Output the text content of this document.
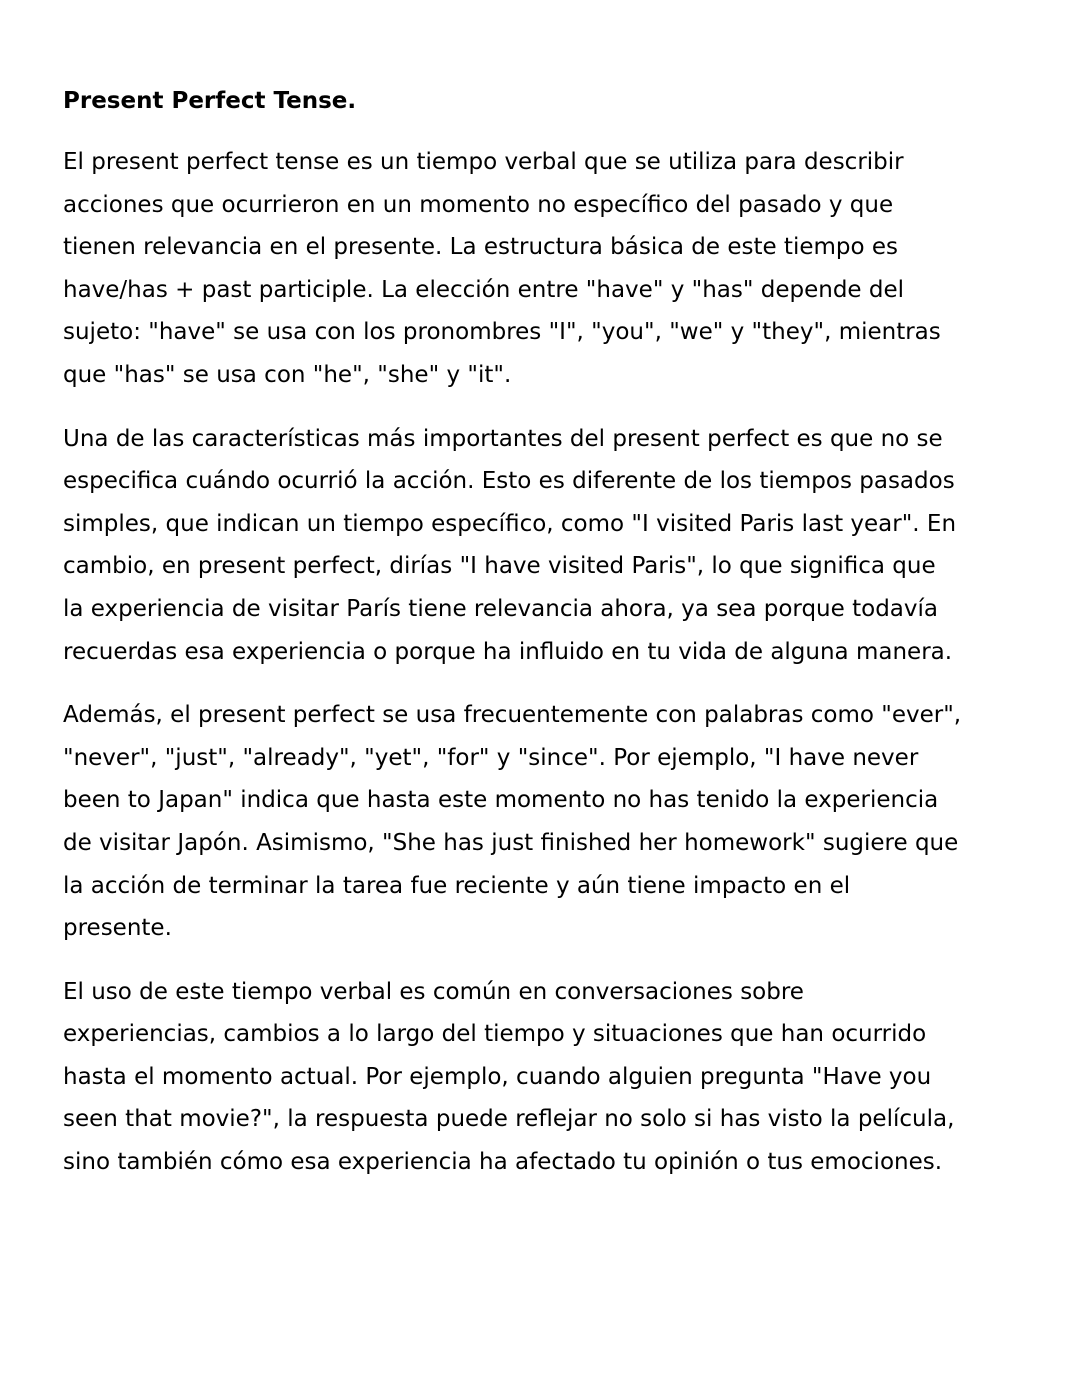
Present Perfect Tense.

El present perfect tense es un tiempo verbal que se utiliza para describir acciones que ocurrieron en un momento no específico del pasado y que tienen relevancia en el presente. La estructura básica de este tiempo es have/has + past participle. La elección entre "have" y "has" depende del sujeto: "have" se usa con los pronombres "I", "you", "we" y "they", mientras que "has" se usa con "he", "she" y "it".

Una de las características más importantes del present perfect es que no se especifica cuándo ocurrió la acción. Esto es diferente de los tiempos pasados simples, que indican un tiempo específico, como "I visited Paris last year". En cambio, en present perfect, dirías "I have visited Paris", lo que significa que la experiencia de visitar París tiene relevancia ahora, ya sea porque todavía recuerdas esa experiencia o porque ha influido en tu vida de alguna manera.

Además, el present perfect se usa frecuentemente con palabras como "ever", "never", "just", "already", "yet", "for" y "since". Por ejemplo, "I have never been to Japan" indica que hasta este momento no has tenido la experiencia de visitar Japón. Asimismo, "She has just finished her homework" sugiere que la acción de terminar la tarea fue reciente y aún tiene impacto en el presente.

El uso de este tiempo verbal es común en conversaciones sobre experiencias, cambios a lo largo del tiempo y situaciones que han ocurrido hasta el momento actual. Por ejemplo, cuando alguien pregunta "Have you seen that movie?", la respuesta puede reflejar no solo si has visto la película, sino también cómo esa experiencia ha afectado tu opinión o tus emociones.
